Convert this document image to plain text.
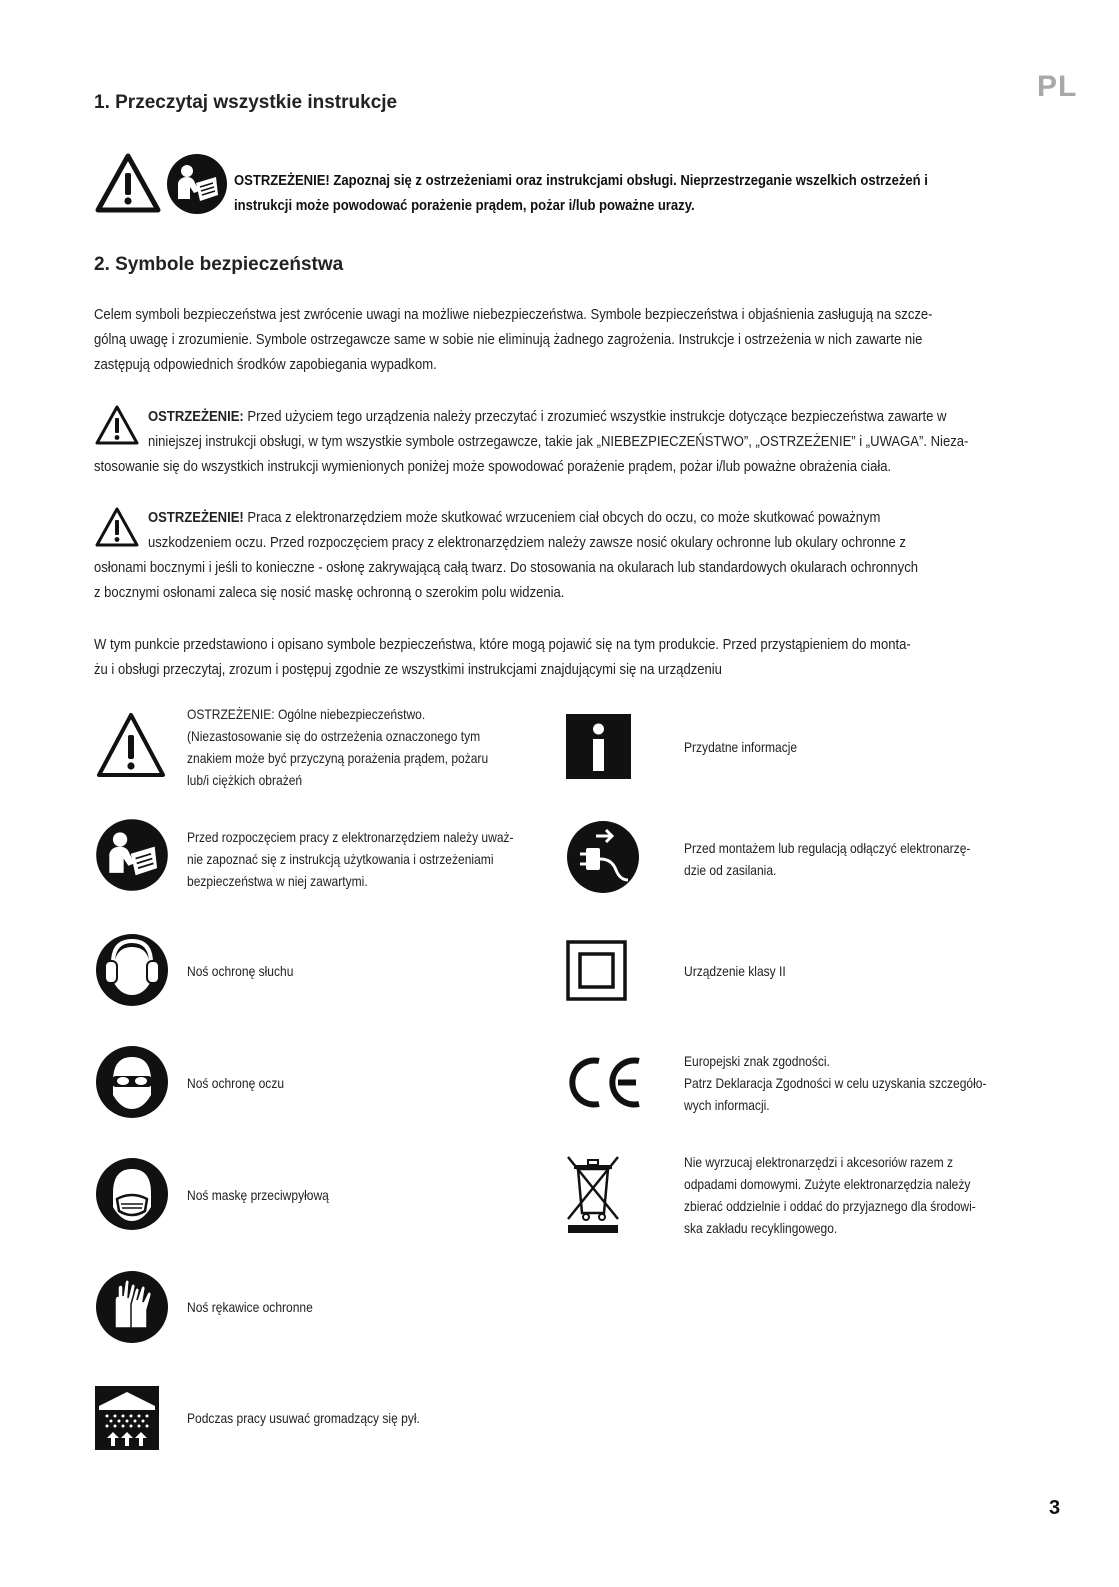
PL
1. Przeczytaj wszystkie instrukcje
OSTRZEŻENIE! Zapoznaj się z ostrzeżeniami oraz instrukcjami obsługi. Nieprzestrzeganie wszelkich ostrzeżeń i
instrukcji może powodować porażenie prądem, pożar i/lub poważne urazy.
2. Symbole bezpieczeństwa
Celem symboli bezpieczeństwa jest zwrócenie uwagi na możliwe niebezpieczeństwa. Symbole bezpieczeństwa i objaśnienia zasługują na szcze-
gólną uwagę i zrozumienie. Symbole ostrzegawcze same w sobie nie eliminują żadnego zagrożenia. Instrukcje i ostrzeżenia w nich zawarte nie
zastępują odpowiednich środków zapobiegania wypadkom.
OSTRZEŻENIE: Przed użyciem tego urządzenia należy przeczytać i zrozumieć wszystkie instrukcje dotyczące bezpieczeństwa zawarte w
niniejszej instrukcji obsługi, w tym wszystkie symbole ostrzegawcze, takie jak „NIEBEZPIECZEŃSTWO”, „OSTRZEŻENIE” i „UWAGA”. Nieza-
stosowanie się do wszystkich instrukcji wymienionych poniżej może spowodować porażenie prądem, pożar i/lub poważne obrażenia ciała.
OSTRZEŻENIE! Praca z elektronarzędziem może skutkować wrzuceniem ciał obcych do oczu, co może skutkować poważnym
uszkodzeniem oczu. Przed rozpoczęciem pracy z elektronarzędziem należy zawsze nosić okulary ochronne lub okulary ochronne z
osłonami bocznymi i jeśli to konieczne - osłonę zakrywającą całą twarz. Do stosowania na okularach lub standardowych okularach ochronnych
z bocznymi osłonami zaleca się nosić maskę ochronną o szerokim polu widzenia.
W tym punkcie przedstawiono i opisano symbole bezpieczeństwa, które mogą pojawić się na tym produkcie. Przed przystąpieniem do monta-
żu i obsługi przeczytaj, zrozum i postępuj zgodnie ze wszystkimi instrukcjami znajdującymi się na urządzeniu
OSTRZEŻENIE: Ogólne niebezpieczeństwo.
(Niezastosowanie się do ostrzeżenia oznaczonego tym
znakiem może być przyczyną porażenia prądem, pożaru
lub/i ciężkich obrażeń
Przed rozpoczęciem pracy z elektronarzędziem należy uważ-
nie zapoznać się z instrukcją użytkowania i ostrzeżeniami
bezpieczeństwa w niej zawartymi.
Noś ochronę słuchu
Noś ochronę oczu
Noś maskę przeciwpyłową
Noś rękawice ochronne
Podczas pracy usuwać gromadzący się pył.
Przydatne informacje
Przed montażem lub regulacją odłączyć elektronarzę-
dzie od zasilania.
Urządzenie klasy II
Europejski znak zgodności.
Patrz Deklaracja Zgodności w celu uzyskania szczegóło-
wych informacji.
Nie wyrzucaj elektronarzędzi i akcesoriów razem z
odpadami domowymi. Zużyte elektronarzędzia należy
zbierać oddzielnie i oddać do przyjaznego dla środowi-
ska zakładu recyklingowego.
3
